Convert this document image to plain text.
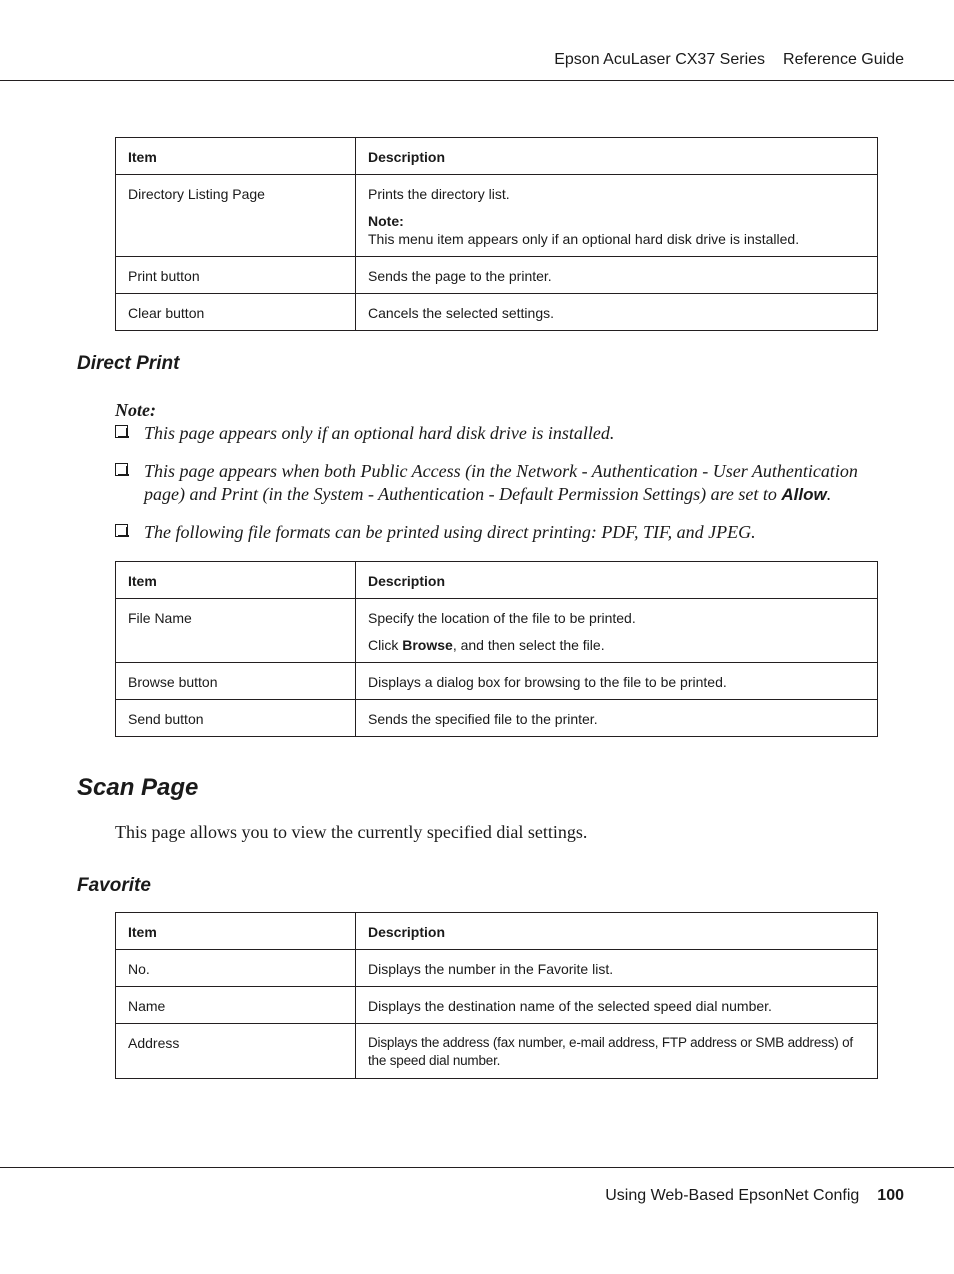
Epson AcuLaser CX37 Series Reference Guide
Item	Description
Directory Listing Page	Prints the directory list.
Note:
This menu item appears only if an optional hard disk drive is installed.

Print button	Sends the page to the printer.
Clear button	Cancels the selected settings.
Direct Print
Note:
This page appears only if an optional hard disk drive is installed.
This page appears when both Public Access (in the Network - Authentication - User Authentication page) and Print (in the System - Authentication - Default Permission Settings) are set to Allow.
The following file formats can be printed using direct printing: PDF, TIF, and JPEG.
Item	Description
File Name	Specify the location of the file to be printed.
Click Browse, and then select the file.

Browse button	Displays a dialog box for browsing to the file to be printed.
Send button	Sends the specified file to the printer.
Scan Page

This page allows you to view the currently specified dial settings.

Favorite
Item	Description
No.	Displays the number in the Favorite list.
Name	Displays the destination name of the selected speed dial number.
Address	Displays the address (fax number, e-mail address, FTP address or SMB address) of the speed dial number.
Using Web-Based EpsonNet Config 100
